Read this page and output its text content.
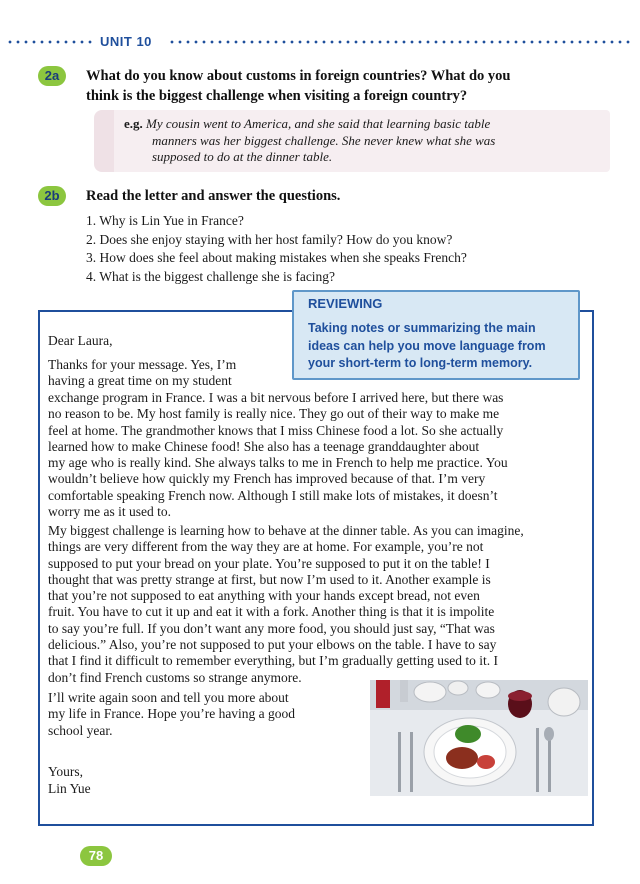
UNIT 10
2a	What do you know about customs in foreign countries? What do you
think is the biggest challenge when visiting a foreign country?
e.g. My cousin went to America, and she said that learning basic table
manners was her biggest challenge. She never knew what she was
supposed to do at the dinner table.
2b	Read the letter and answer the questions.
1. Why is Lin Yue in France?
2. Does she enjoy staying with her host family? How do you know?
3. How does she feel about making mistakes when she speaks French?
4. What is the biggest challenge she is facing?
REVIEWING
Taking notes or summarizing the main
ideas can help you move language from
your short-term to long-term memory.
Dear Laura,
Thanks for your message. Yes, I’m
having a great time on my student
exchange program in France. I was a bit nervous before I arrived here, but there was
no reason to be. My host family is really nice. They go out of their way to make me
feel at home. The grandmother knows that I miss Chinese food a lot. So she actually
learned how to make Chinese food! She also has a teenage granddaughter about
my age who is really kind. She always talks to me in French to help me practice. You
wouldn’t believe how quickly my French has improved because of that. I’m very
comfortable speaking French now. Although I still make lots of mistakes, it doesn’t
worry me as it used to.
My biggest challenge is learning how to behave at the dinner table. As you can imagine,
things are very different from the way they are at home. For example, you’re not
supposed to put your bread on your plate. You’re supposed to put it on the table! I
thought that was pretty strange at first, but now I’m used to it. Another example is
that you’re not supposed to eat anything with your hands except bread, not even
fruit. You have to cut it up and eat it with a fork. Another thing is that it is impolite
to say you’re full. If you don’t want any more food, you should just say, “That was
delicious.” Also, you’re not supposed to put your elbows on the table. I have to say
that I find it difficult to remember everything, but I’m gradually getting used to it. I
don’t find French customs so strange anymore.
I’ll write again soon and tell you more about
my life in France. Hope you’re having a good
school year.
Yours,
Lin Yue
78
